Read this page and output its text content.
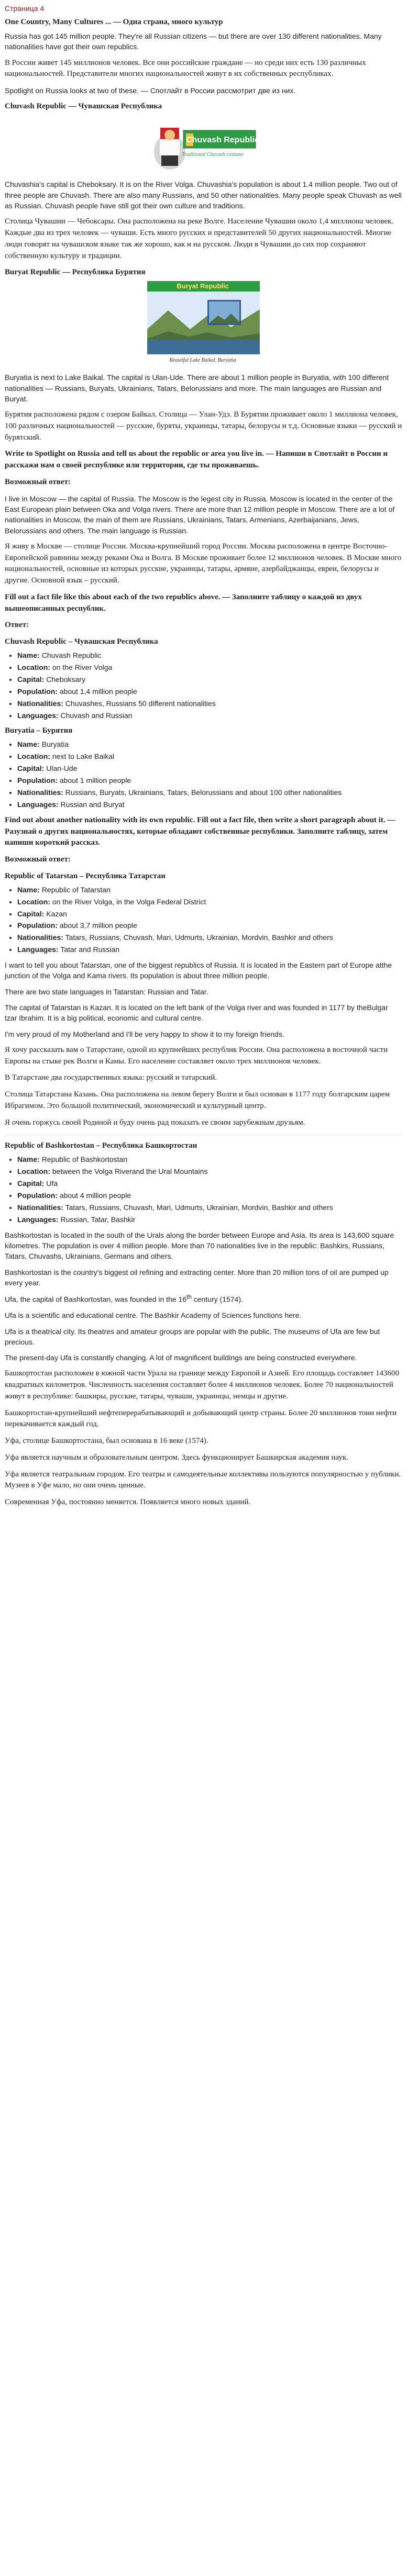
Страница 4
One Country, Many Cultures ... — Одна страна, много культур

Russia has got 145 million people. They're all Russian citizens — but there are over 130 different nationalities. Many nationalities have got their own republics.

В России живет 145 миллионов человек. Все они российские граждане — но среди них есть 130 различных национальностей. Представители многих национальностей живут в их собственных республиках.

Spotlight on Russia looks at two of these. — Спотлайт в России рассмотрит две из них.

Chuvash Republic — Чувашская Республика
Traditional Chuvash costume
Chuvash Republic

Chuvashia's capital is Cheboksary. It is on the River Volga. Chuvashia's population is about 1.4 million people. Two out of three people are Chuvash. There are also many Russians, and 50 other nationalities. Many people speak Chuvash as well as Russian. Chuvash people have still got their own culture and traditions.

Столица Чувашии — Чебоксары. Она расположена на реке Волге. Население Чувашии около 1,4 миллиона человек. Каждые два из трех человек — чуваши. Есть много русских и представителей 50 других национальностей. Многие люди говорят на чувашском языке так же хорошо, как и на русском. Люди в Чувашии до сих пор сохраняют собственную культуру и традиции.

Buryat Republic — Республика Бурятия
Buryat Republic
Beautiful Lake Baikal, Buryatia

Buryatia is next to Lake Baikal. The capital is Ulan-Ude. There are about 1 million people in Buryatia, with 100 different nationalities — Russians, Buryats, Ukrainians, Tatars, Belorussians and more. The main languages are Russian and Buryat.

Бурятия расположена рядом с озером Байкал. Столица — Улан-Удэ. В Бурятии проживает около 1 миллиона человек, 100 различных национальностей — русские, буряты, украинцы, татары, белорусы и т.д. Основные языки — русский и бурятский.

Write to Spotlight on Russia and tell us about the republic or area you live in. — Напиши в Спотлайт в России и расскажи нам о своей республике или территории, где ты проживаешь.

Возможный ответ:

I live in Moscow — the capital of Russia. The Moscow is the legest city in Russia. Moscow is located in the center of the East European plain between Oka and Volga rivers. There are more than 12 million people in Moscow. There are a lot of nationalities in Moscow, the main of them are Russians, Ukrainians, Tatars, Armenians, Azerbaijanians, Jews, Belorussians and others. The main language is Russian.

Я живу в Москве — столице России. Москва-крупнейший город России. Москва расположена в центре Восточно-Европейской равнины между реками Ока и Волга. В Москве проживает более 12 миллионов человек. В Москве много национальностей, основные из которых русские, украинцы, татары, армяне, азербайджанцы, евреи, белорусы и другие. Основной язык – русский.

Fill out a fact file like this about each of the two republics above. — Заполните таблицу о каждой из двух вышеописанных республик.

Ответ:

Chuvash Republic – Чувашская Республика
• Name: Chuvash Republic
• Location: on the River Volga
• Capital: Cheboksary
• Population: about 1,4 million people
• Nationalities: Chuvashes, Russians 50 different nationalities
• Languages: Chuvash and Russian
Buryatia – Бурятия
• Name: Buryatia
• Location: next to Lake Baikal
• Capital: Ulan-Ude
• Population: about 1 million people
• Nationalities: Russians, Buryats, Ukrainians, Tatars, Belorussians and about 100 other nationalities
• Languages: Russian and Buryat

Find out about another nationality with its own republic. Fill out a fact file, then write a short paragraph about it. — Разузнай о других национальностях, которые обладают собственные республики. Заполните таблицу, затем напиши короткий рассказ.

Возможный ответ:

Republic of Tatarstan – Республика Татарстан
• Name: Republic of Tatarstan
• Location: on the River Volga, in the Volga Federal District
• Capital: Kazan
• Population: about 3,7 million people
• Nationalities: Tatars, Russians, Chuvash, Mari, Udmurts, Ukrainian, Mordvin, Bashkir and others
• Languages: Tatar and Russian

I want to tell you about Tatarstan, one of the biggest republics of Russia. It is located in the Eastern part of Europe atthe junction of the Volga and Kama rivers. Its population is about three million people.

There are two state languages in Tatarstan: Russian and Tatar.

The capital of Tatarstan is Kazan. It is located on the left bank of the Volga river and was founded in 1177 by theBulgar tzar Ibrahim. It is a big political, economic and cultural centre.

I'm very proud of my Motherland and I'll be very happy to show it to my foreign friends.

Я хочу рассказать вам о Татарстане, одной из крупнейших республик России. Она расположена в восточной части Европы на стыке рек Волги и Камы. Его население составляет около трех миллионов человек.

В Татарстане два государственных языка: русский и татарский.

Столица Татарстана Казань. Она расположена на левом берегу Волги и был основан в 1177 году болгарским царем Ибрагимом. Это большой политический, экономический и культурный центр.

Я очень горжусь своей Родиной и буду очень рад показать ее своим зарубежным друзьям.

Republic of Bashkortostan – Республика Башкортостан
• Name: Republic of Bashkortostan
• Location: between the Volga Riverand the Ural Mountains
• Capital: Ufa
• Population: about 4 million people
• Nationalities: Tatars, Russians, Chuvash, Mari, Udmurts, Ukrainian, Mordvin, Bashkir and others
• Languages: Russian, Tatar, Bashkir

Bashkortostan is located in the south of the Urals along the border between Europe and Asia. Its area is 143,600 square kilometres. The population is over 4 million people. More than 70 nationalities live in the republic: Bashkirs, Russians, Tatars, Chuvashs, Ukrainians, Germans and others.

Bashkortostan is the country's biggest oil refining and extracting center. More than 20 million tons of oil are pumped up every year.

Ufa, the capital of Bashkortostan, was founded in the 16th century (1574).

Ufa is a scientific and educational centre. The Bashkir Academy of Sciences functions here.

Ufa is a theatrical city. Its theatres and amateur groups are popular with the public. The museums of Ufa are few but precious.

The present-day Ufa is constantly changing. A lot of magnificent buildings are being constructed everywhere.

Башкортостан расположен в южной части Урала на границе между Европой и Азией. Его площадь составляет 143600 квадратных километров. Численность населения составляет более 4 миллионов человек. Более 70 национальностей живут в республике: башкиры, русские, татары, чуваши, украинцы, немцы и другие.

Башкортостан-крупнейший нефтеперерабатывающий и добывающий центр страны. Более 20 миллионов тонн нефти перекачивается каждый год.

Уфа, столице Башкортостана, был основана в 16 веке (1574).

Уфа является научным и образовательным центром. Здесь функционирует Башкирская академия наук.

Уфа является театральным городом. Его театры и самодеятельные коллективы пользуются популярностью у публики. Музеев в Уфе мало, но они очень ценные.

Современная Уфа, постоянно меняется. Появляется много новых зданий.
